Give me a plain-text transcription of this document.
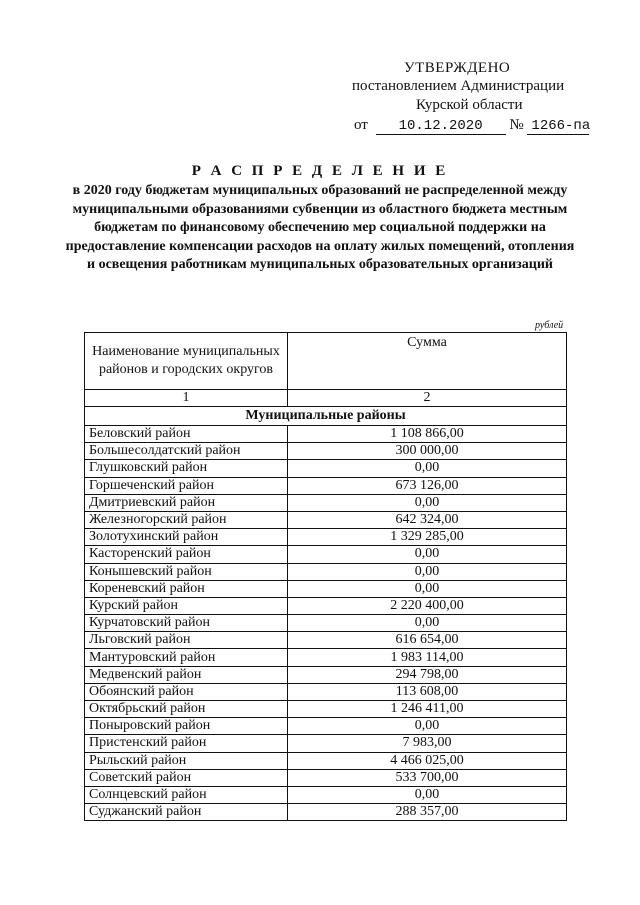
УТВЕРЖДЕНО
постановлением Администрации
Курской области
от 10.12.2020 № 1266-па
Р А С П Р Е Д Е Л Е Н И Е
в 2020 году бюджетам муниципальных образований не распределенной между муниципальными образованиями субвенции из областного бюджета местным бюджетам по финансовому обеспечению мер социальной поддержки на предоставление компенсации расходов на оплату жилых помещений, отопления и освещения работникам муниципальных образовательных организаций
рублей
Наименование муниципальных районов и городских округов	Сумма
1	2
Муниципальные районы	
Беловский район	1 108 866,00
Большесолдатский район	300 000,00
Глушковский район	0,00
Горшеченский район	673 126,00
Дмитриевский район	0,00
Железногорский район	642 324,00
Золотухинский район	1 329 285,00
Касторенский район	0,00
Конышевский район	0,00
Кореневский район	0,00
Курский район	2 220 400,00
Курчатовский район	0,00
Льговский район	616 654,00
Мантуровский район	1 983 114,00
Медвенский район	294 798,00
Обоянский район	113 608,00
Октябрьский район	1 246 411,00
Поныровский район	0,00
Пристенский район	7 983,00
Рыльский район	4 466 025,00
Советский район	533 700,00
Солнцевский район	0,00
Суджанский район	288 357,00
